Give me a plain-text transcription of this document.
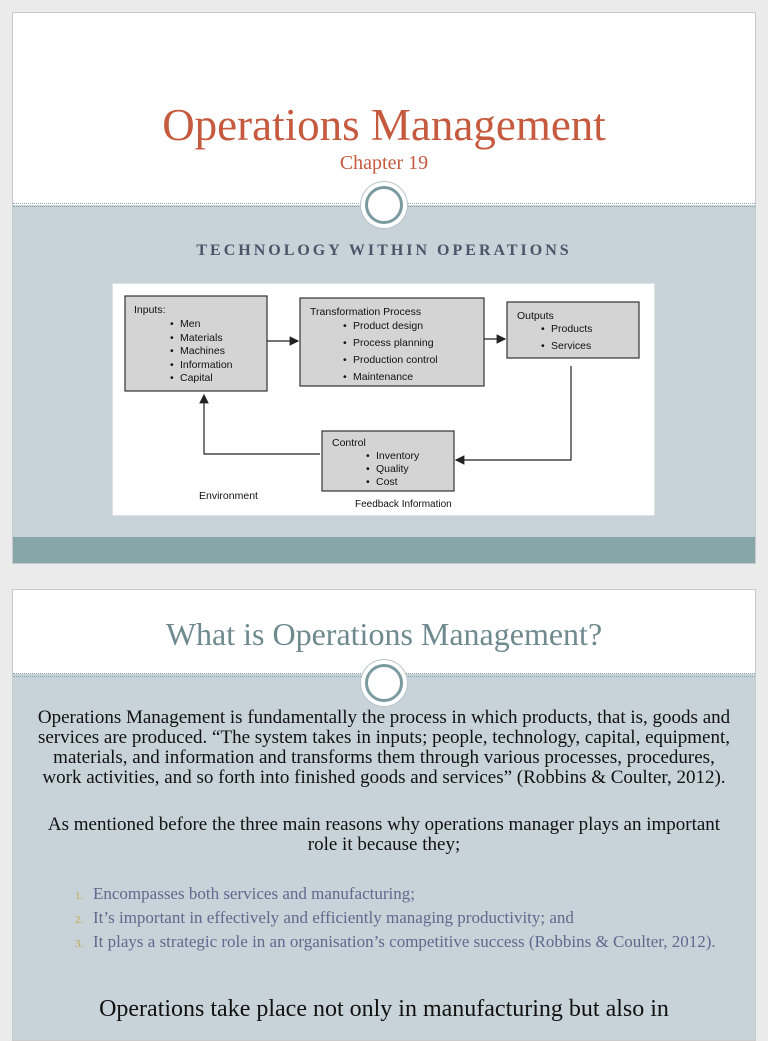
Operations Management
Chapter 19
TECHNOLOGY WITHIN OPERATIONS
Inputs:
• Men
• Materials
• Machines
• Information
• Capital
Transformation Process
• Product design
• Process planning
• Production control
• Maintenance
Outputs
• Products
• Services
Control
• Inventory
• Quality
• Cost
Environment
Feedback Information
What is Operations Management?
Operations Management is fundamentally the process in which products, that is, goods and services are produced. “The system takes in inputs; people, technology, capital, equipment, materials, and information and transforms them through various processes, procedures, work activities, and so forth into finished goods and services” (Robbins & Coulter, 2012).
As mentioned before the three main reasons why operations manager plays an important role it because they;
1. Encompasses both services and manufacturing;
2. It’s important in effectively and efficiently managing productivity; and
3. It plays a strategic role in an organisation’s competitive success (Robbins & Coulter, 2012).
Operations take place not only in manufacturing but also in
